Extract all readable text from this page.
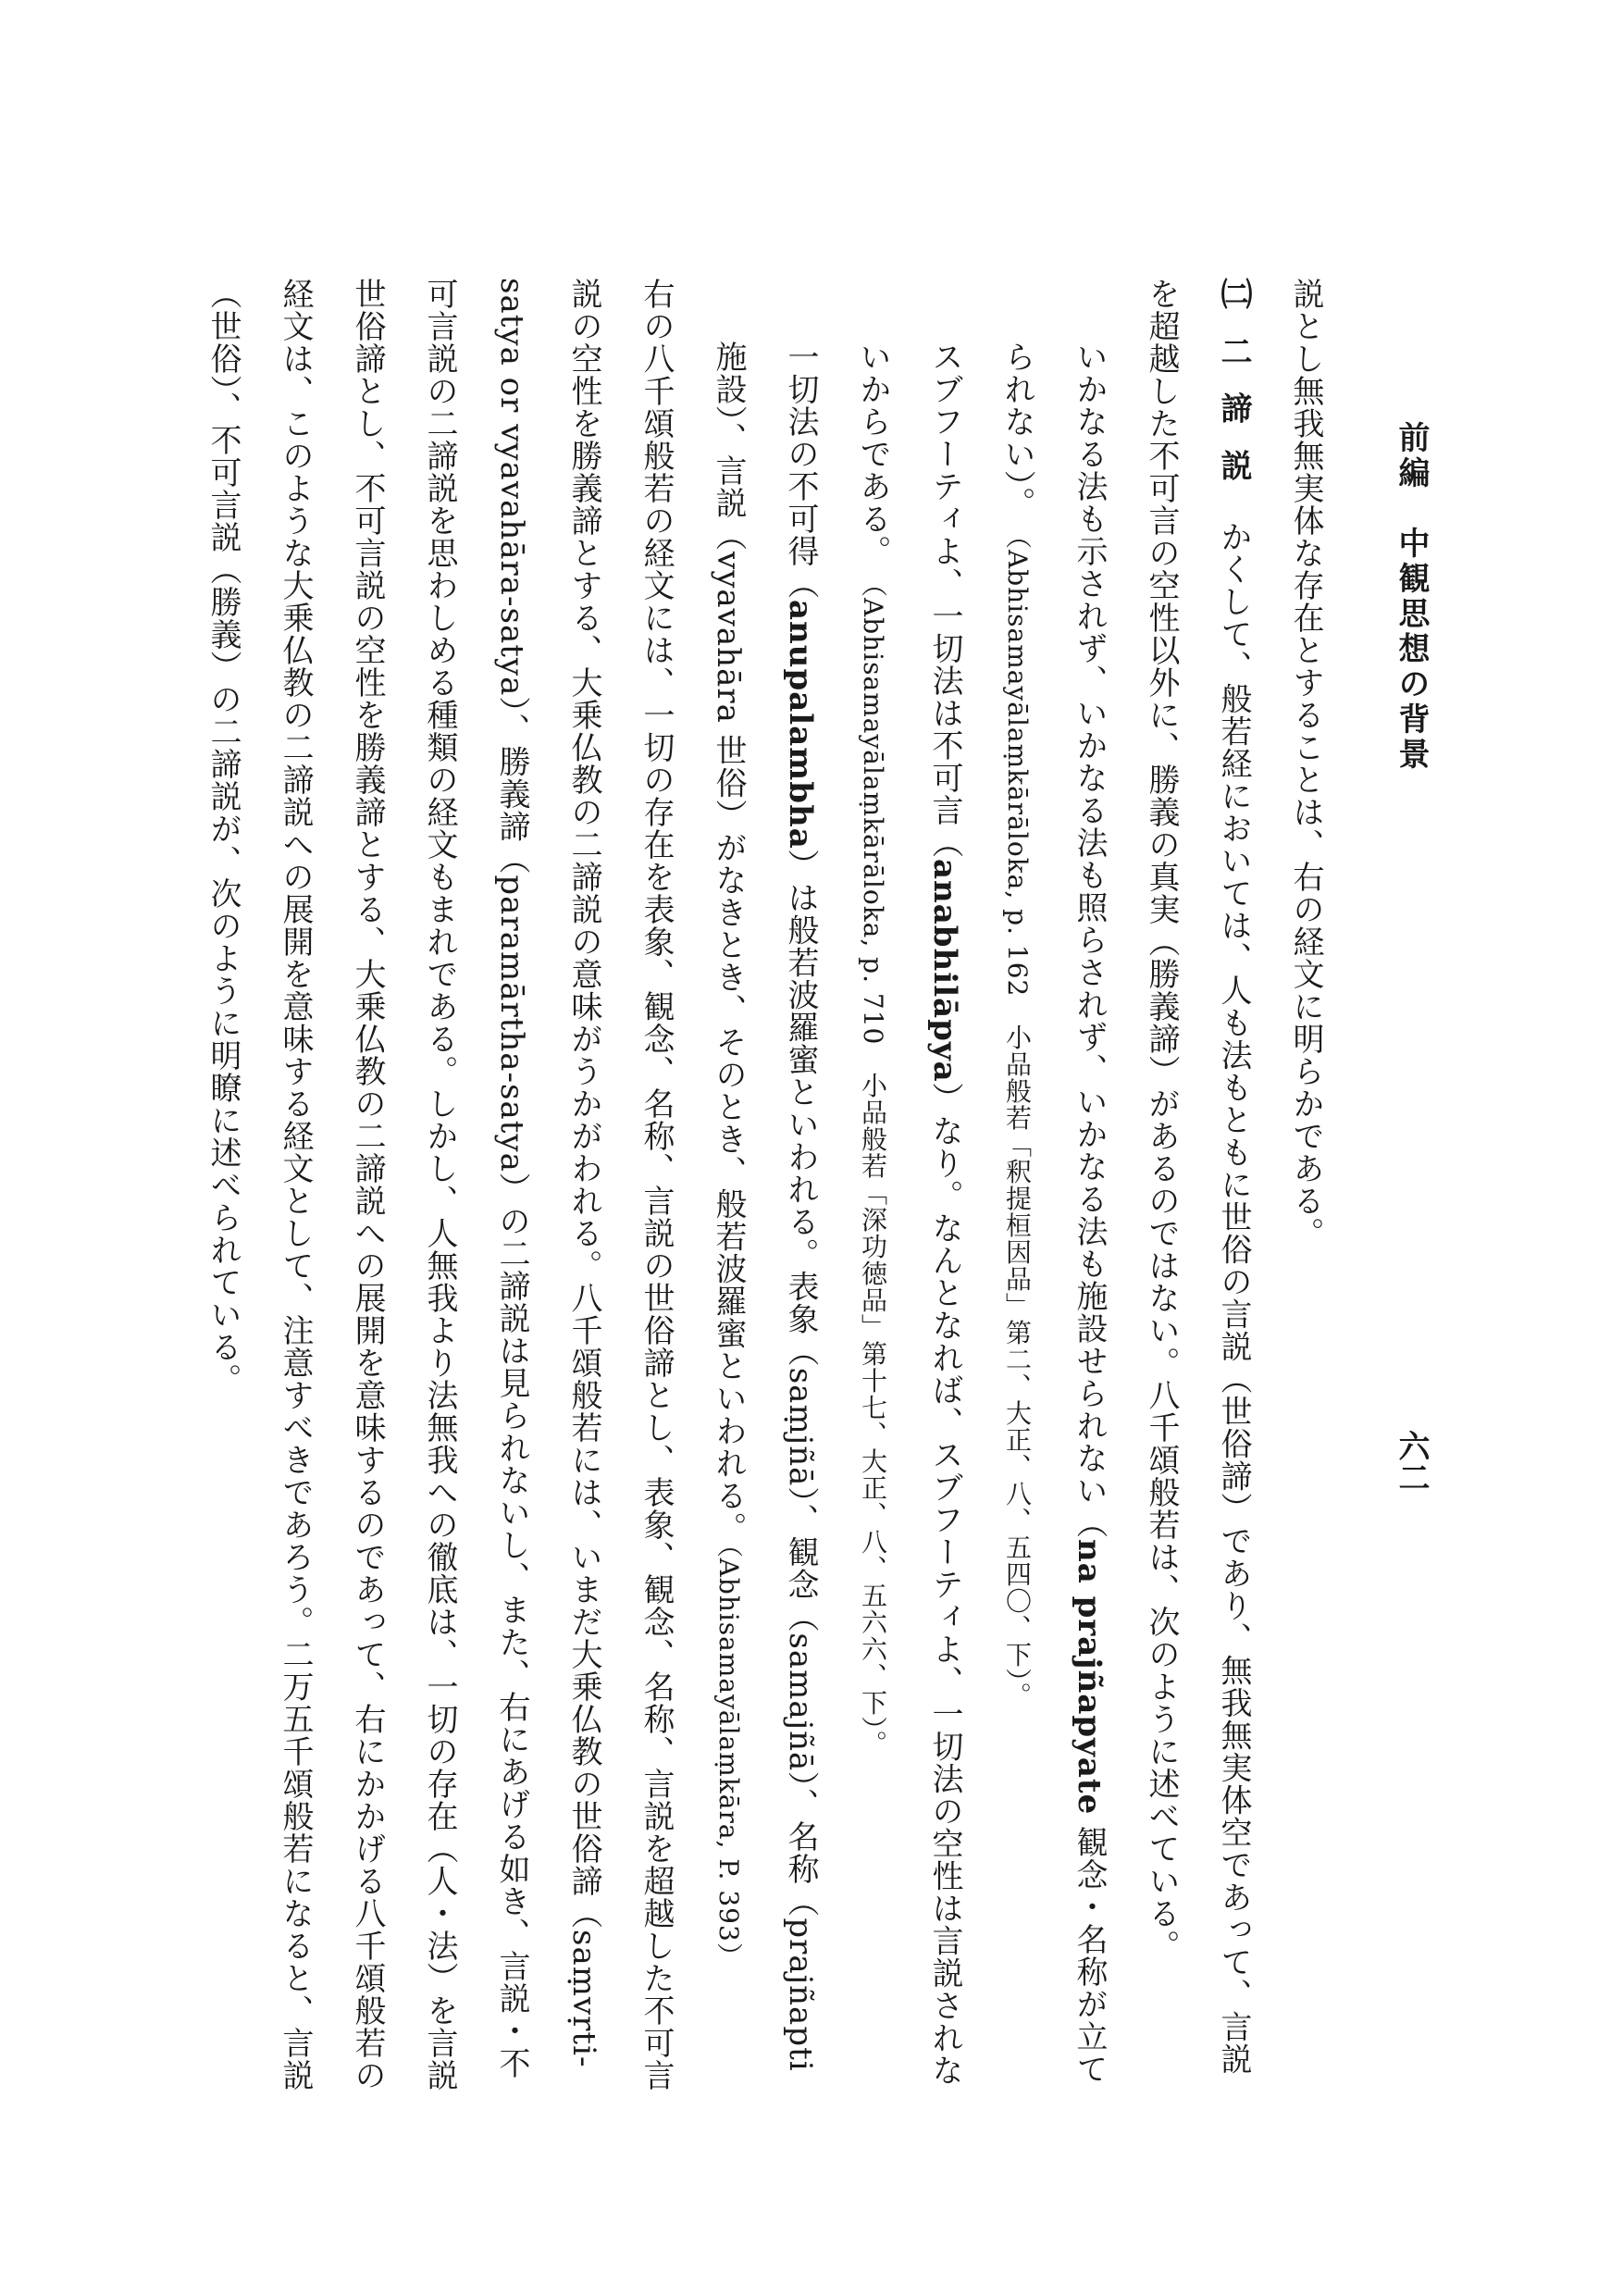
前編　中観思想の背景
六二

説とし無我無実体な存在とすることは、右の経文に明らかである。

㈡ 二 諦 説　かくして、般若経においては、人も法もともに世俗の言説（世俗諦）であり、無我無実体空であって、言説を超越した不可言の空性以外に、勝義の真実（勝義諦）があるのではない。八千頌般若は、次のように述べている。

いかなる法も示されず、いかなる法も照らされず、いかなる法も施設せられない（na prajñapyate 観念・名称が立てられない）。　（Abhisamayālaṃkārāloka, p. 162　小品般若「釈提桓因品」第二、大正、八、五四〇、下）。

スブフーティよ、一切法は不可言（anabhilāpya）なり。なんとなれば、スブフーティよ、一切法の空性は言説されないからである。　（Abhisamayālaṃkārāloka, p. 710　小品般若「深功徳品」第十七、大正、八、五六六、下）。

一切法の不可得（anupalambha）は般若波羅蜜といわれる。表象（saṃjñā）、観念（samajñā）、名称（prajñapti 施設）、言説（vyavahāra 世俗）がなきとき、そのとき、般若波羅蜜といわれる。（Abhisamayālaṃkāra, P. 393）

右の八千頌般若の経文には、一切の存在を表象、観念、名称、言説の世俗諦とし、表象、観念、名称、言説を超越した不可言説の空性を勝義諦とする、大乗仏教の二諦説の意味がうかがわれる。八千頌般若には、いまだ大乗仏教の世俗諦（saṃvṛti-satya or vyavahāra-satya）、勝義諦（paramārtha-satya）の二諦説は見られないし、また、右にあげる如き、言説・不可言説の二諦説を思わしめる種類の経文もまれである。しかし、人無我より法無我への徹底は、一切の存在（人・法）を言説世俗諦とし、不可言説の空性を勝義諦とする、大乗仏教の二諦説への展開を意味するのであって、右にかかげる八千頌般若の経文は、このような大乗仏教の二諦説への展開を意味する経文として、注意すべきであろう。二万五千頌般若になると、言説（世俗）、不可言説（勝義）の二諦説が、次のように明瞭に述べられている。
